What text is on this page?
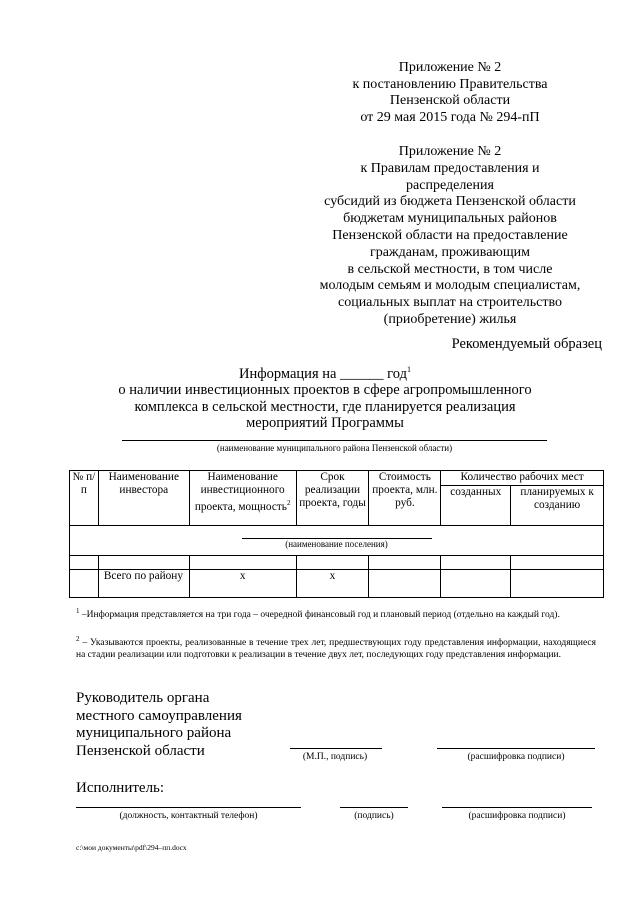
Приложение № 2
к постановлению Правительства
Пензенской области
от 29 мая 2015 года № 294-пП
Приложение № 2
к Правилам предоставления и
распределения
субсидий из бюджета Пензенской области
бюджетам муниципальных районов
Пензенской области на предоставление
гражданам, проживающим
в сельской местности, в том числе
молодым семьям и молодым специалистам,
социальных выплат на строительство
(приобретение) жилья
Рекомендуемый образец
Информация на ______ год$^1$
о наличии инвестиционных проектов в сфере агропромышленного
комплекса в сельской местности, где планируется реализация
мероприятий Программы
(наименование муниципального района Пензенской области)
№ п/п	Наименование инвестора	Наименование инвестиционного проекта, мощность$^2$	Срок реализации проекта, годы	Стоимость проекта, млн. руб.	Количество рабочих мест	
					созданных	планируемых к созданию

(наименование поселения)						

	Всего по району	x	x			
$^1$ –Информация представляется на три года – очередной финансовый год и плановый период (отдельно на каждый год).
$^2$ – Указываются проекты, реализованные в течение трех лет, предшествующих году представления информации, находящиеся на стадии реализации или подготовки к реализации в течение двух лет, последующих году представления информации.
Руководитель органа
местного самоуправления
муниципального района
Пензенской области	(М.П., подпись)	(расшифровка подписи)
Исполнитель:
(должность, контактный телефон)	(подпись)	(расшифровка подписи)
с:\мои документы\pdf\294–пп.docx
